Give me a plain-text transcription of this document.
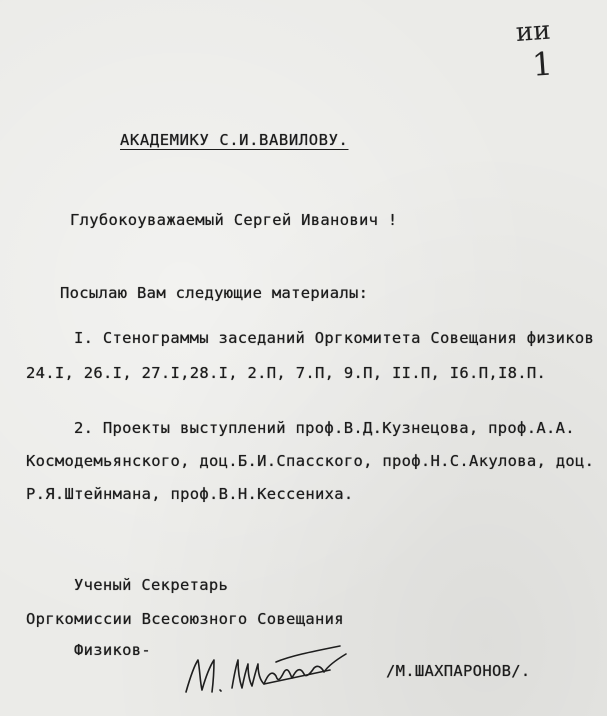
ии
1
АКАДЕМИКУ С.И.ВАВИЛОВУ.
Глубокоуважаемый Сергей Иванович !
Посылаю Вам следующие материалы:
I. Стенограммы заседаний Оргкомитета Совещания физиков
24.I, 26.I, 27.I,28.I, 2.П, 7.П, 9.П, II.П, I6.П,I8.П.
2. Проекты выступлений проф.В.Д.Кузнецова, проф.А.А.
Космодемьянского, доц.Б.И.Спасского, проф.Н.С.Акулова, доц.
Р.Я.Штейнмана, проф.В.Н.Кессениха.
Ученый Секретарь
Оргкомиссии Всесоюзного Совещания
Физиков-
/М.ШАХПАРОНОВ/.
